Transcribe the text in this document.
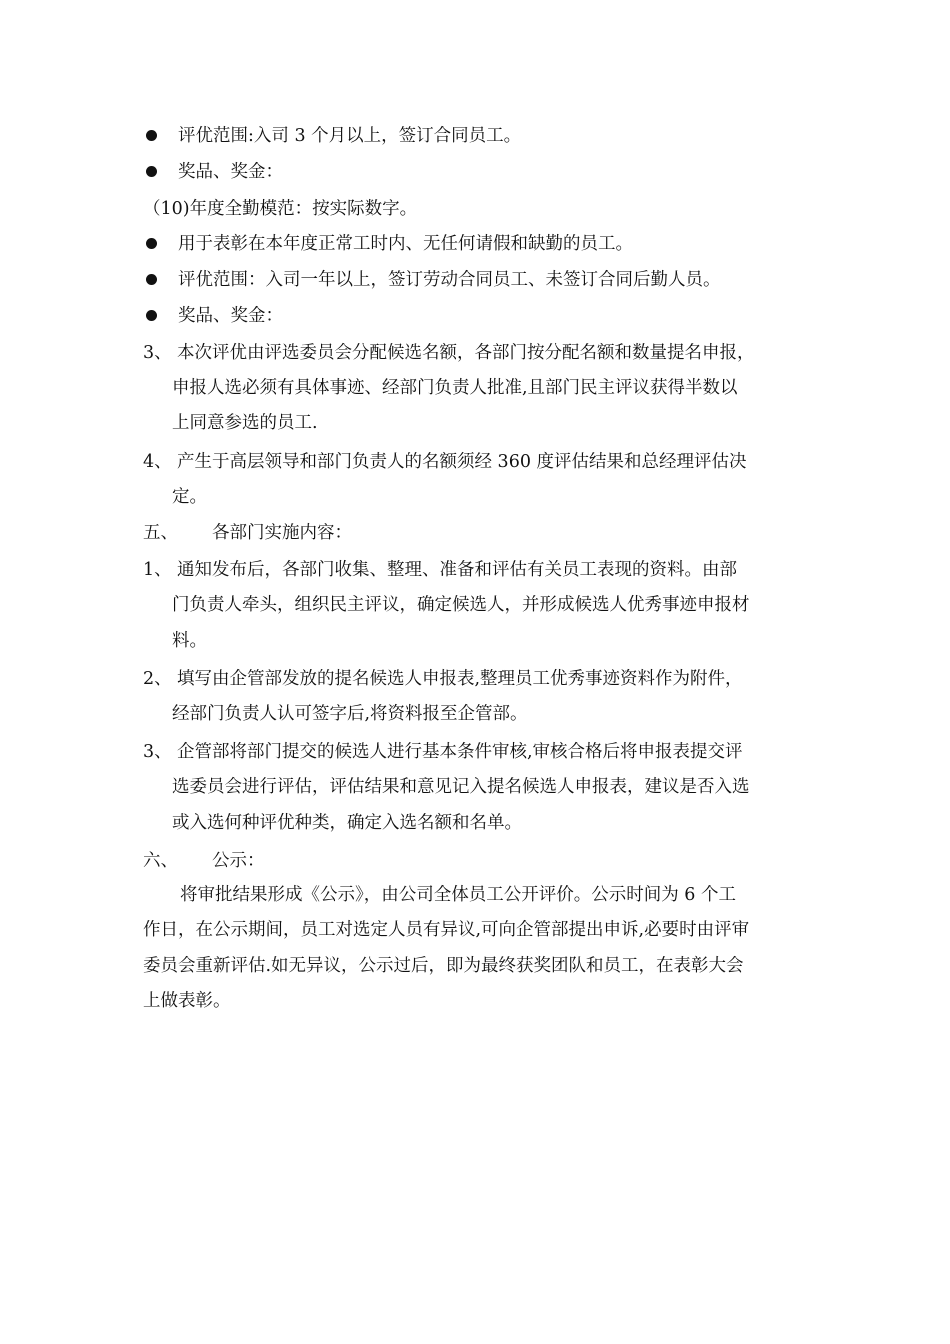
评优范围:入司 3 个月以上，签订合同员工。
奖品、奖金：
（10)年度全勤模范：按实际数字。
用于表彰在本年度正常工时内、无任何请假和缺勤的员工。
评优范围：入司一年以上，签订劳动合同员工、未签订合同后勤人员。
奖品、奖金：
3、 本次评优由评选委员会分配候选名额，各部门按分配名额和数量提名申报，
申报人选必须有具体事迹、经部门负责人批准,且部门民主评议获得半数以
上同意参选的员工.
4、 产生于高层领导和部门负责人的名额须经 360 度评估结果和总经理评估决
定。
五、 各部门实施内容：
1、 通知发布后，各部门收集、整理、准备和评估有关员工表现的资料。由部
门负责人牵头，组织民主评议，确定候选人，并形成候选人优秀事迹申报材
料。
2、 填写由企管部发放的提名候选人申报表,整理员工优秀事迹资料作为附件，
经部门负责人认可签字后,将资料报至企管部。
3、 企管部将部门提交的候选人进行基本条件审核,审核合格后将申报表提交评
选委员会进行评估，评估结果和意见记入提名候选人申报表，建议是否入选
或入选何种评优种类，确定入选名额和名单。
六、 公示：
将审批结果形成《公示》，由公司全体员工公开评价。公示时间为 6 个工
作日，在公示期间，员工对选定人员有异议,可向企管部提出申诉,必要时由评审
委员会重新评估.如无异议，公示过后，即为最终获奖团队和员工，在表彰大会
上做表彰。
